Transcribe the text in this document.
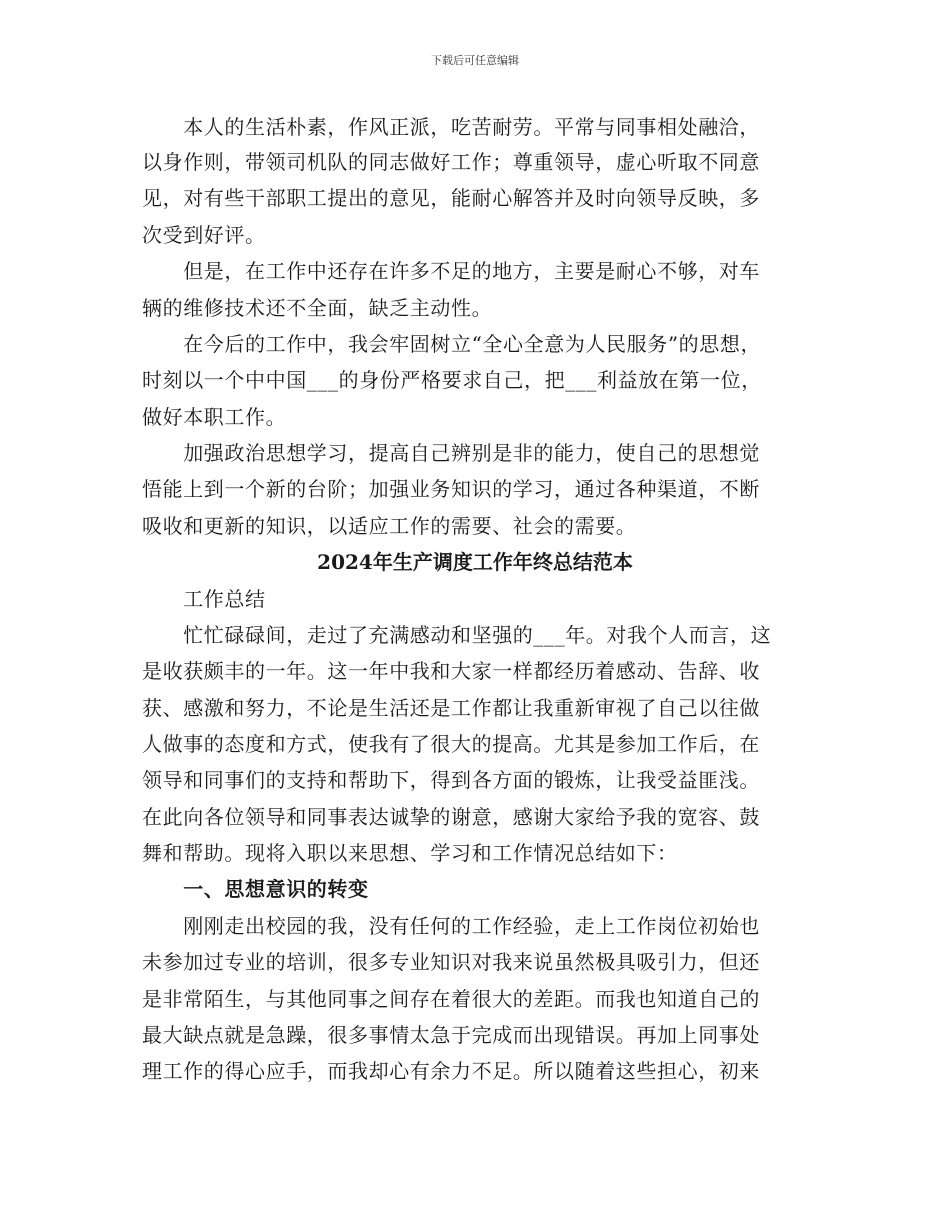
下载后可任意编辑
　　本人的生活朴素，作风正派，吃苦耐劳。平常与同事相处融洽，
以身作则，带领司机队的同志做好工作；尊重领导，虚心听取不同意
见，对有些干部职工提出的意见，能耐心解答并及时向领导反映，多
次受到好评。
　　但是，在工作中还存在许多不足的地方，主要是耐心不够，对车
辆的维修技术还不全面，缺乏主动性。
　　在今后的工作中，我会牢固树立“全心全意为人民服务”的思想，
时刻以一个中中国___的身份严格要求自己，把___利益放在第一位，
做好本职工作。
　　加强政治思想学习，提高自己辨别是非的能力，使自己的思想觉
悟能上到一个新的台阶；加强业务知识的学习，通过各种渠道，不断
吸收和更新的知识，以适应工作的需要、社会的需要。
2024年生产调度工作年终总结范本
　　工作总结
　　忙忙碌碌间，走过了充满感动和坚强的___年。对我个人而言，这
是收获颇丰的一年。这一年中我和大家一样都经历着感动、告辞、收
获、感激和努力，不论是生活还是工作都让我重新审视了自己以往做
人做事的态度和方式，使我有了很大的提高。尤其是参加工作后，在
领导和同事们的支持和帮助下，得到各方面的锻炼，让我受益匪浅。
在此向各位领导和同事表达诚挚的谢意，感谢大家给予我的宽容、鼓
舞和帮助。现将入职以来思想、学习和工作情况总结如下：
　　一、思想意识的转变
　　刚刚走出校园的我，没有任何的工作经验，走上工作岗位初始也
未参加过专业的培训，很多专业知识对我来说虽然极具吸引力，但还
是非常陌生，与其他同事之间存在着很大的差距。而我也知道自己的
最大缺点就是急躁，很多事情太急于完成而出现错误。再加上同事处
理工作的得心应手，而我却心有余力不足。所以随着这些担心，初来
